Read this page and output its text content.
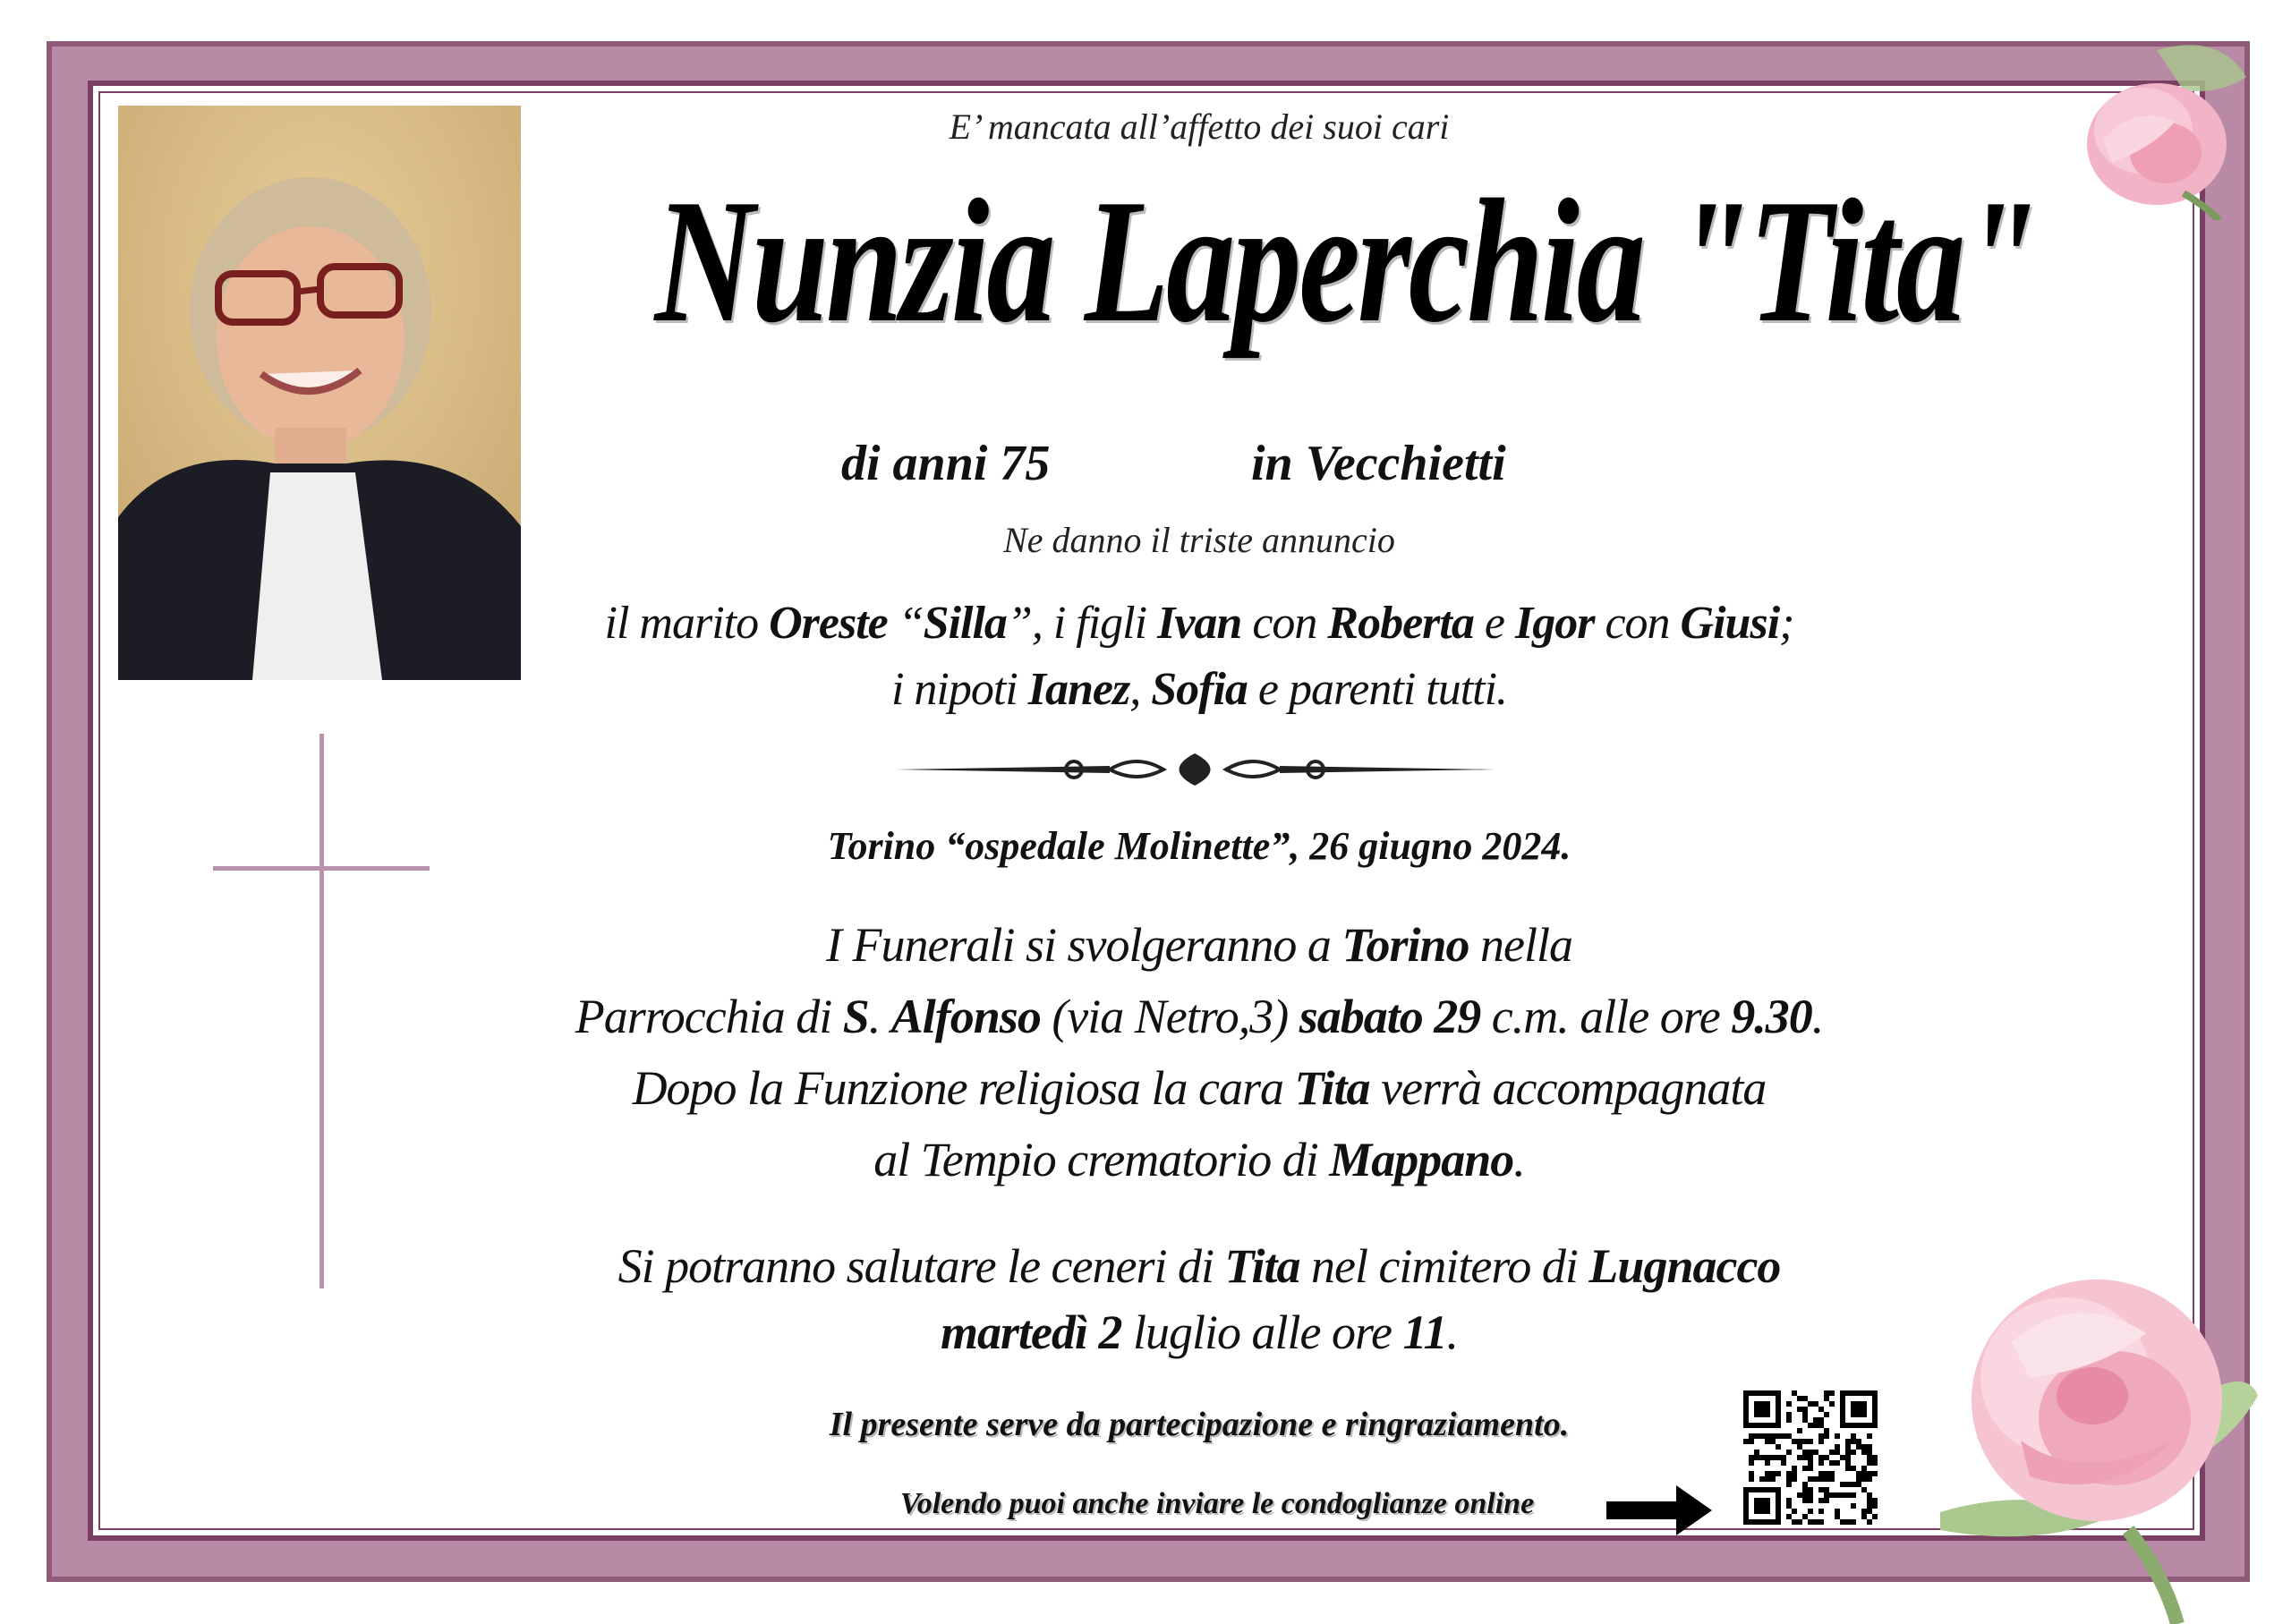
E’ mancata all’affetto dei suoi cari
Nunzia Laperchia "Tita"
di anni 75	in Vecchietti
Ne danno il triste annuncio
il marito Oreste “Silla”, i figli Ivan con Roberta e Igor con Giusi;
i nipoti Ianez, Sofia e parenti tutti.
Torino “ospedale Molinette”, 26 giugno 2024.
I Funerali si svolgeranno a Torino nella
Parrocchia di S. Alfonso (via Netro,3) sabato 29 c.m. alle ore 9.30.
Dopo la Funzione religiosa la cara Tita verrà accompagnata
al Tempio crematorio di Mappano.
Si potranno salutare le ceneri di Tita nel cimitero di Lugnacco
martedì 2 luglio alle ore 11.
Il presente serve da partecipazione e ringraziamento.
Volendo puoi anche inviare le condoglianze online
